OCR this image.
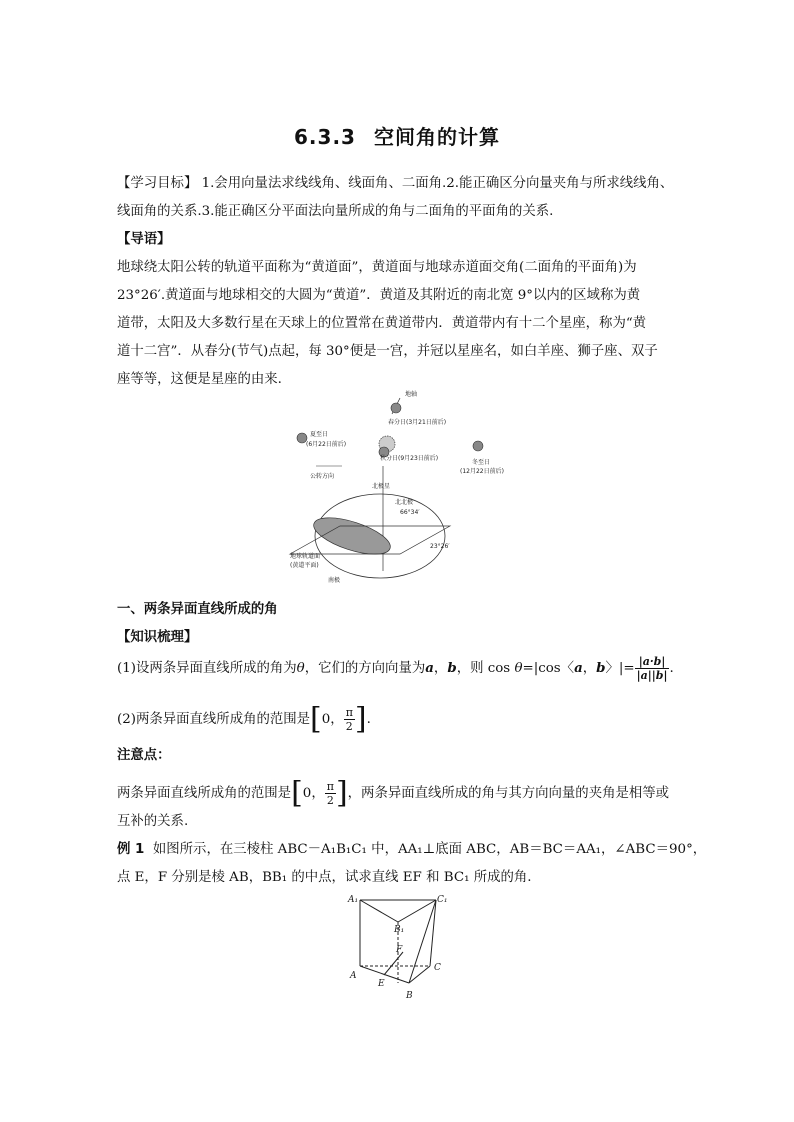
6.3.3 空间角的计算
【学习目标】 1.会用向量法求线线角、线面角、二面角.2.能正确区分向量夹角与所求线线角、
线面角的关系.3.能正确区分平面法向量所成的角与二面角的平面角的关系.
【导语】
地球绕太阳公转的轨道平面称为“黄道面”，黄道面与地球赤道面交角(二面角的平面角)为
23°26′.黄道面与地球相交的大圆为“黄道”．黄道及其附近的南北宽 9°以内的区域称为黄
道带，太阳及大多数行星在天球上的位置常在黄道带内．黄道带内有十二个星座，称为“黄
道十二宫”．从春分(节气)点起，每 30°便是一宫，并冠以星座名，如白羊座、狮子座、双子
座等等，这便是星座的由来.
地轴
春分日(3月21日前后)
夏至日
(6月22日前后)
冬至日
(12月22日前后)
公转方向
秋分日(9月23日前后)
北极星
北北极
66°34′
23°26′
地球轨道面
(黄道平面)
南极
一、两条异面直线所成的角
【知识梳理】
(1)设两条异面直线所成的角为θ，它们的方向向量为a，b，则 cos θ=|cos〈a，b〉|= $\frac{|a\cdot b|}{|a||b|}$ .
(2)两条异面直线所成角的范围是[0， $\frac{\pi}{2}$ ].
注意点：
两条异面直线所成角的范围是[0， $\frac{\pi}{2}$ ]，两条异面直线所成的角与其方向向量的夹角是相等或
互补的关系.
例 1 如图所示，在三棱柱 ABC－A₁B₁C₁ 中，AA₁⊥底面 ABC，AB＝BC＝AA₁，∠ABC＝90°，
点 E，F 分别是棱 AB，BB₁ 的中点，试求直线 EF 和 BC₁ 所成的角.
A₁	C₁
B₁
F
A
C
E
B
